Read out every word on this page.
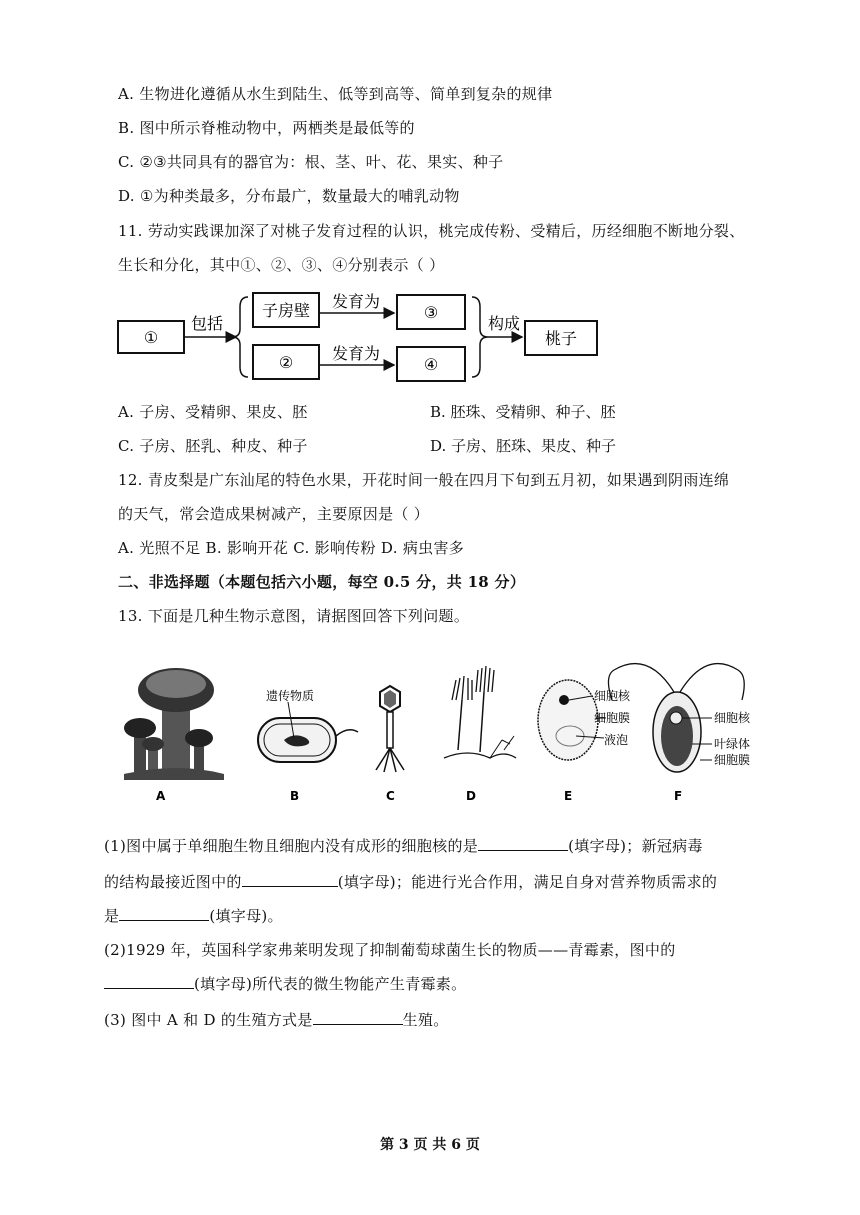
A. 生物进化遵循从水生到陆生、低等到高等、简单到复杂的规律
B. 图中所示脊椎动物中，两栖类是最低等的
C. ②③共同具有的器官为：根、茎、叶、花、果实、种子
D. ①为种类最多，分布最广，数量最大的哺乳动物
11. 劳动实践课加深了对桃子发育过程的认识，桃完成传粉、受精后，历经细胞不断地分裂、
生长和分化，其中①、②、③、④分别表示（ ）
①
包括
子房壁
②
发育为
发育为
③
④
构成
桃子
A. 子房、受精卵、果皮、胚	B. 胚珠、受精卵、种子、胚
C. 子房、胚乳、种皮、种子	D. 子房、胚珠、果皮、种子
12. 青皮梨是广东汕尾的特色水果，开花时间一般在四月下旬到五月初，如果遇到阴雨连绵
的天气，常会造成果树减产，主要原因是（ ）
A. 光照不足 B. 影响开花 C. 影响传粉 D. 病虫害多
二、非选择题（本题包括六小题，每空 0.5 分，共 18 分）
13. 下面是几种生物示意图，请据图回答下列问题。
A
遗传物质
B	C	D
细胞核
细胞膜
液泡
E
细胞核
叶绿体
细胞膜
F
(1)图中属于单细胞生物且细胞内没有成形的细胞核的是	(填字母)；新冠病毒
的结构最接近图中的	(填字母)；能进行光合作用，满足自身对营养物质需求的
是	(填字母)。
(2)1929 年，英国科学家弗莱明发现了抑制葡萄球菌生长的物质——青霉素，图中的
(填字母)所代表的微生物能产生青霉素。
(3) 图中 A 和 D 的生殖方式是	生殖。
第 3 页 共 6 页
